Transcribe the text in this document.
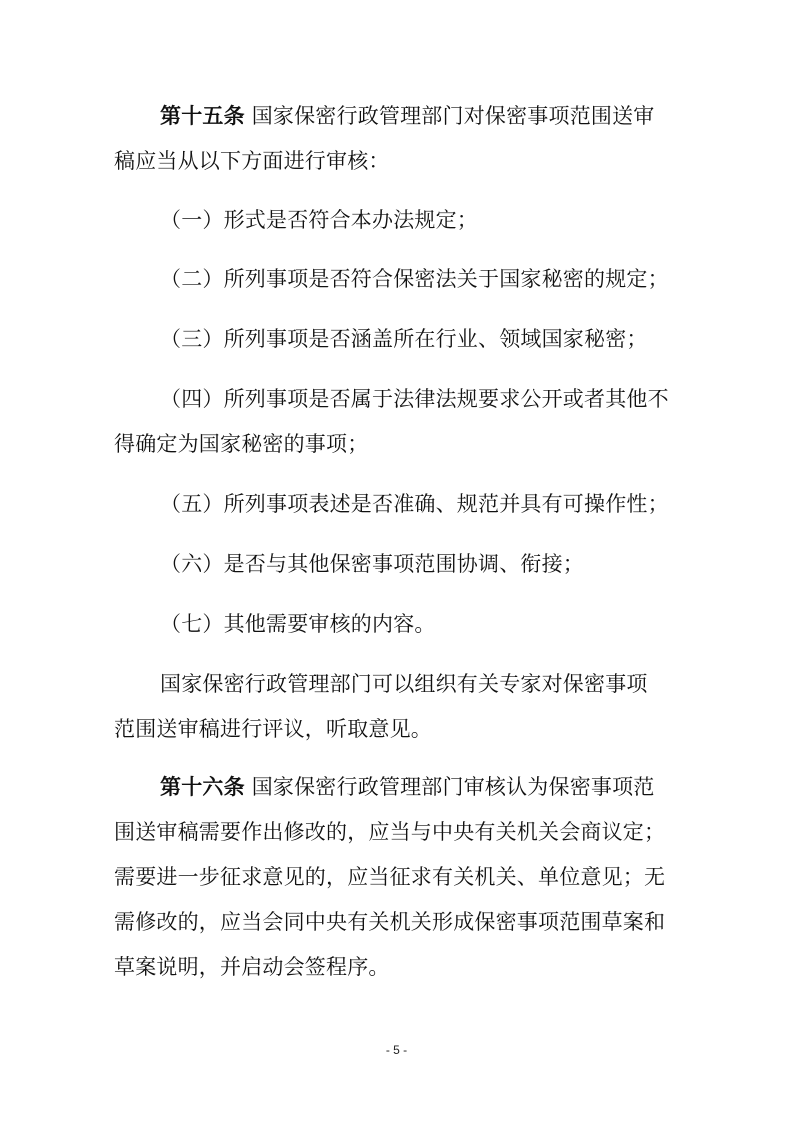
第十五条 国家保密行政管理部门对保密事项范围送审
稿应当从以下方面进行审核：
（一）形式是否符合本办法规定；
（二）所列事项是否符合保密法关于国家秘密的规定；
（三）所列事项是否涵盖所在行业、领域国家秘密；
（四）所列事项是否属于法律法规要求公开或者其他不
得确定为国家秘密的事项；
（五）所列事项表述是否准确、规范并具有可操作性；
（六）是否与其他保密事项范围协调、衔接；
（七）其他需要审核的内容。
国家保密行政管理部门可以组织有关专家对保密事项
范围送审稿进行评议，听取意见。
第十六条 国家保密行政管理部门审核认为保密事项范
围送审稿需要作出修改的，应当与中央有关机关会商议定；
需要进一步征求意见的，应当征求有关机关、单位意见；无
需修改的，应当会同中央有关机关形成保密事项范围草案和
草案说明，并启动会签程序。
- 5 -
